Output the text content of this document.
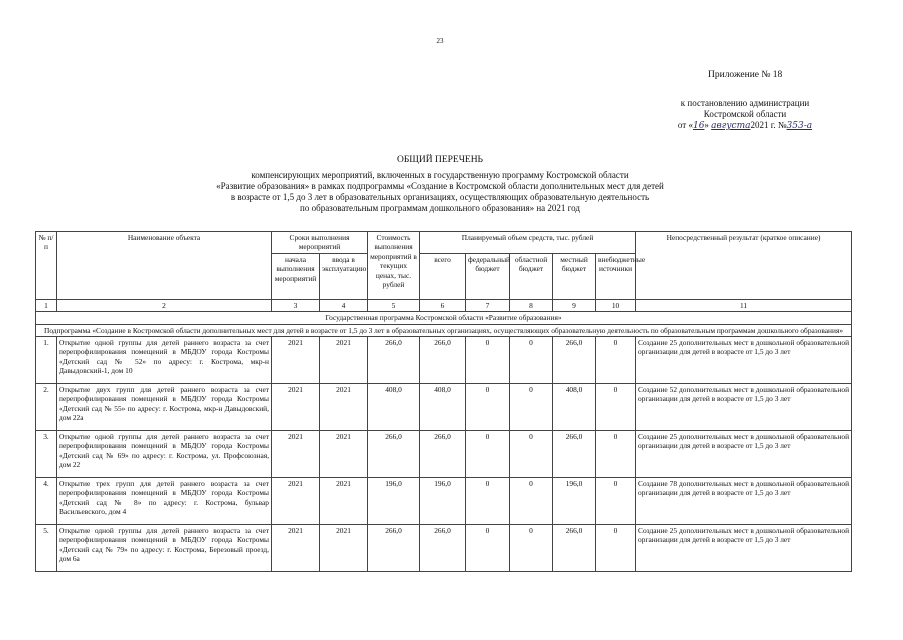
23
Приложение № 18
к постановлению администрации
Костромской области
от «16» августа2021 г. №353-а
ОБЩИЙ ПЕРЕЧЕНЬ
компенсирующих мероприятий, включенных в государственную программу Костромской области
«Развитие образования» в рамках подпрограммы «Создание в Костромской области дополнительных мест для детей
в возрасте от 1,5 до 3 лет в образовательных организациях, осуществляющих образовательную деятельность
по образовательным программам дошкольного образования» на 2021 год
№ п/п	Наименование объекта	Сроки выполнения мероприятий		Стоимость выполнения мероприятий в текущих ценах, тыс. рублей	Планируемый объем средств, тыс. рублей					Непосредственный результат (краткое описание)
		начала выполнения мероприятий	ввода в эксплуатацию		всего	федеральный бюджет	областной бюджет	местный бюджет	внебюджетные источники	
1	2	3	4	5	6	7	8	9	10	11
Государственная программа Костромской области «Развитие образования»										
Подпрограмма «Создание в Костромской области дополнительных мест для детей в возрасте от 1,5 до 3 лет в образовательных организациях, осуществляющих образовательную деятельность по образовательным программам дошкольного образования»										
1.	Открытие одной группы для детей раннего возраста за счет перепрофилирования помещений в МБДОУ города Костромы «Детский сад № 52» по адресу: г. Кострома, мкр-н Давыдовский-1, дом 10	2021	2021	266,0	266,0	0	0	266,0	0	Создание 25 дополнительных мест в дошкольной образовательной организации для детей в возрасте от 1,5 до 3 лет
2.	Открытие двух групп для детей раннего возраста за счет перепрофилирования помещений в МБДОУ города Костромы «Детский сад № 55» по адресу: г. Кострома, мкр-н Давыдовский, дом 22а	2021	2021	408,0	408,0	0	0	408,0	0	Создание 52 дополнительных мест в дошкольной образовательной организации для детей в возрасте от 1,5 до 3 лет
3.	Открытие одной группы для детей раннего возраста за счет перепрофилирования помещений в МБДОУ города Костромы «Детский сад № 69» по адресу: г. Кострома, ул. Профсоюзная, дом 22	2021	2021	266,0	266,0	0	0	266,0	0	Создание 25 дополнительных мест в дошкольной образовательной организации для детей в возрасте от 1,5 до 3 лет
4.	Открытие трех групп для детей раннего возраста за счет перепрофилирования помещений в МБДОУ города Костромы «Детский сад № 8» по адресу: г. Кострома, бульвар Васильевского, дом 4	2021	2021	196,0	196,0	0	0	196,0	0	Создание 78 дополнительных мест в дошкольной образовательной организации для детей в возрасте от 1,5 до 3 лет
5.	Открытие одной группы для детей раннего возраста за счет перепрофилирования помещений в МБДОУ города Костромы «Детский сад № 79» по адресу: г. Кострома, Березовый проезд, дом 6а	2021	2021	266,0	266,0	0	0	266,0	0	Создание 25 дополнительных мест в дошкольной образовательной организации для детей в возрасте от 1,5 до 3 лет
